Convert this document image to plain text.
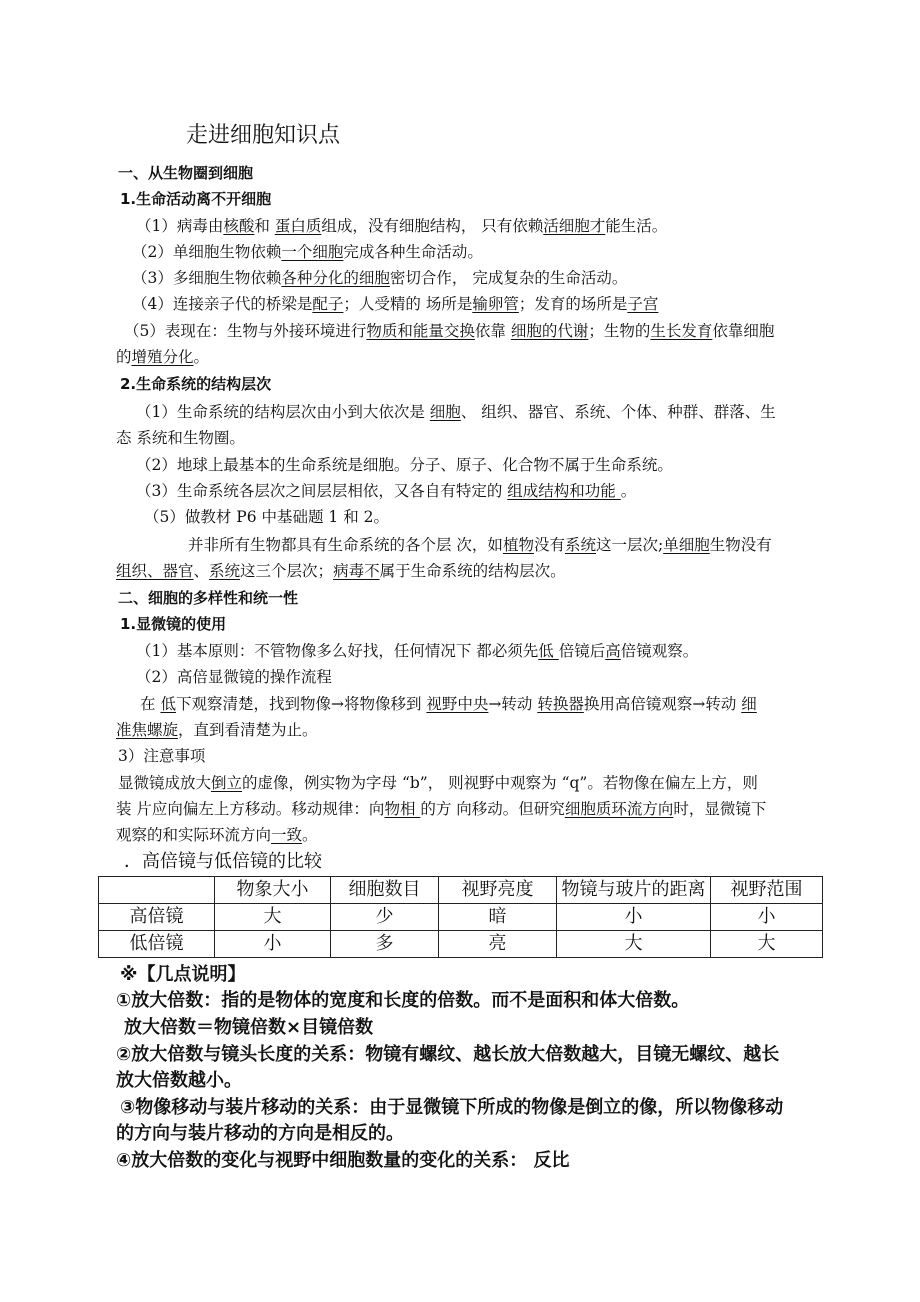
走进细胞知识点
一、从生物圈到细胞
1.生命活动离不开细胞
（1）病毒由核酸和 蛋白质组成，没有细胞结构， 只有依赖活细胞才能生活。
（2）单细胞生物依赖一个细胞完成各种生命活动。
（3）多细胞生物依赖各种分化的细胞密切合作， 完成复杂的生命活动。
（4）连接亲子代的桥梁是配子；人受精的 场所是输卵管；发育的场所是子宫
（5）表现在：生物与外接环境进行物质和能量交换依靠 细胞的代谢；生物的生长发育依靠细胞
的增殖分化。
2.生命系统的结构层次
（1）生命系统的结构层次由小到大依次是 细胞、 组织、器官、系统、个体、种群、群落、生
态 系统和生物圈。
（2）地球上最基本的生命系统是细胞。分子、原子、化合物不属于生命系统。
（3）生命系统各层次之间层层相依，又各自有特定的 组成结构和功能 。
（5）做教材 P6 中基础题 1 和 2。
并非所有生物都具有生命系统的各个层 次，如植物没有系统这一层次;单细胞生物没有
组织、器官、系统这三个层次；病毒不属于生命系统的结构层次。
二、细胞的多样性和统一性
1.显微镜的使用
（1）基本原则：不管物像多么好找，任何情况下 都必须先低 倍镜后高倍镜观察。
（2）高倍显微镜的操作流程
在 低下观察清楚，找到物像→将物像移到 视野中央→转动 转换器换用高倍镜观察→转动 细
准焦螺旋，直到看清楚为止。
3）注意事项
显微镜成放大倒立的虚像，例实物为字母 “b”， 则视野中观察为 “q”。若物像在偏左上方，则
装 片应向偏左上方移动。移动规律：向物相 的方 向移动。但研究细胞质环流方向时，显微镜下
观察的和实际环流方向一致。
．高倍镜与低倍镜的比较
	物象大小	细胞数目	视野亮度	物镜与玻片的距离	视野范围
高倍镜	大	少	暗	小	小
低倍镜	小	多	亮	大	大
※【几点说明】
①放大倍数：指的是物体的宽度和长度的倍数。而不是面积和体大倍数。
放大倍数＝物镜倍数×目镜倍数
②放大倍数与镜头长度的关系：物镜有螺纹、越长放大倍数越大，目镜无螺纹、越长
放大倍数越小。
③物像移动与装片移动的关系：由于显微镜下所成的物像是倒立的像，所以物像移动
的方向与装片移动的方向是相反的。
④放大倍数的变化与视野中细胞数量的变化的关系： 反比
